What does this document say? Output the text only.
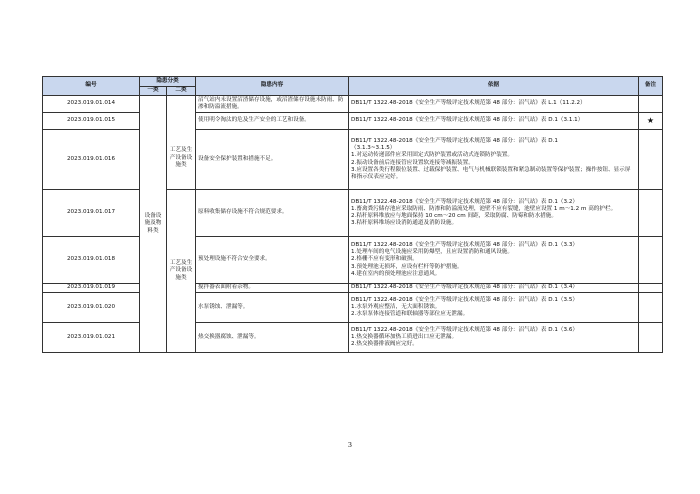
编号	隐患分类		隐患内容	依据	备注
	一类	二类			
2023.019.01.014	设备设施及物料类	工艺及生产设备设施类	沼气站内未设置沼渣储存设施，或沼渣储存设施未防雨、防渗和防溢流措施。	DB11/T 1322.48-2018《安全生产等级评定技术规范第 48 部分：沼气站》表 L.1（11.2.2）	

2023.019.01.015			使用明令淘汰的危及生产安全的工艺和设备。	DB11/T 1322.48-2018《安全生产等级评定技术规范第 48 部分：沼气站》表 D.1（3.1.1）	★
2023.019.01.016			设备安全保护装置和措施不足。	DB11/T 1322.48-2018《安全生产等级评定技术规范第 48 部分：沼气站》表 D.1
（3.1.3~3.1.5）
1.对运动传递部件应采用固定式防护装置或活动式连锁防护装置。
2.振动设备前后连接管应设置软连接等减振装置。
3.应设置各类行程限位装置、过载保护装置、电气与机械联锁装置和紧急制动装置等保护装置；操作按钮、显示屏和指示仪表应完好。	
2023.019.01.017		工艺及生产设备设施类	原料收集储存设施不符合规范要求。	DB11/T 1322.48-2018《安全生产等级评定技术规范第 48 部分：沼气站》表 D.1（3.2）
1.畜禽粪污储存池应采取防雨、防渗和防溢流处理，池壁不应有裂缝，池壁应设置 1 m～1.2 m 高的护栏。
2.秸秆原料堆放应与地面保持 10 cm～20 cm 间距，采取防腐、防霉和防水措施。
3.秸秆原料堆场应设消防通道及消防设施。	

2023.019.01.018			预处理设施不符合安全要求。	DB11/T 1322.48-2018《安全生产等级评定技术规范第 48 部分：沼气站》表 D.1（3.3）
1.处理车间的电气设施应采用防爆型，且应设置消防和通风设施。
2.格栅不应有变形和破损。
3.预处理池无损坏，应设有栏杆等防护措施。
4.建在室内的预处理池应注意通风。	

2023.019.01.019			搅拌器表面附着杂物。	DB11/T 1322.48-2018《安全生产等级评定技术规范第 48 部分：沼气站》表 D.1（3.4）	

2023.019.01.020			水泵锈蚀、泄漏等。	DB11/T 1322.48-2018《安全生产等级评定技术规范第 48 部分：沼气站》表 D.1（3.5）
1.水泵外观应整洁，无大面积锈蚀。
2.水泵泵体连接管道和联轴器等部位应无泄漏。	

2023.019.01.021			热交换器腐蚀、泄漏等。	DB11/T 1322.48-2018《安全生产等级评定技术规范第 48 部分：沼气站》表 D.1（3.6）
1.热交换器循环加热工质进出口应无泄漏。
2.热交换器排液阀应完好。	

3
